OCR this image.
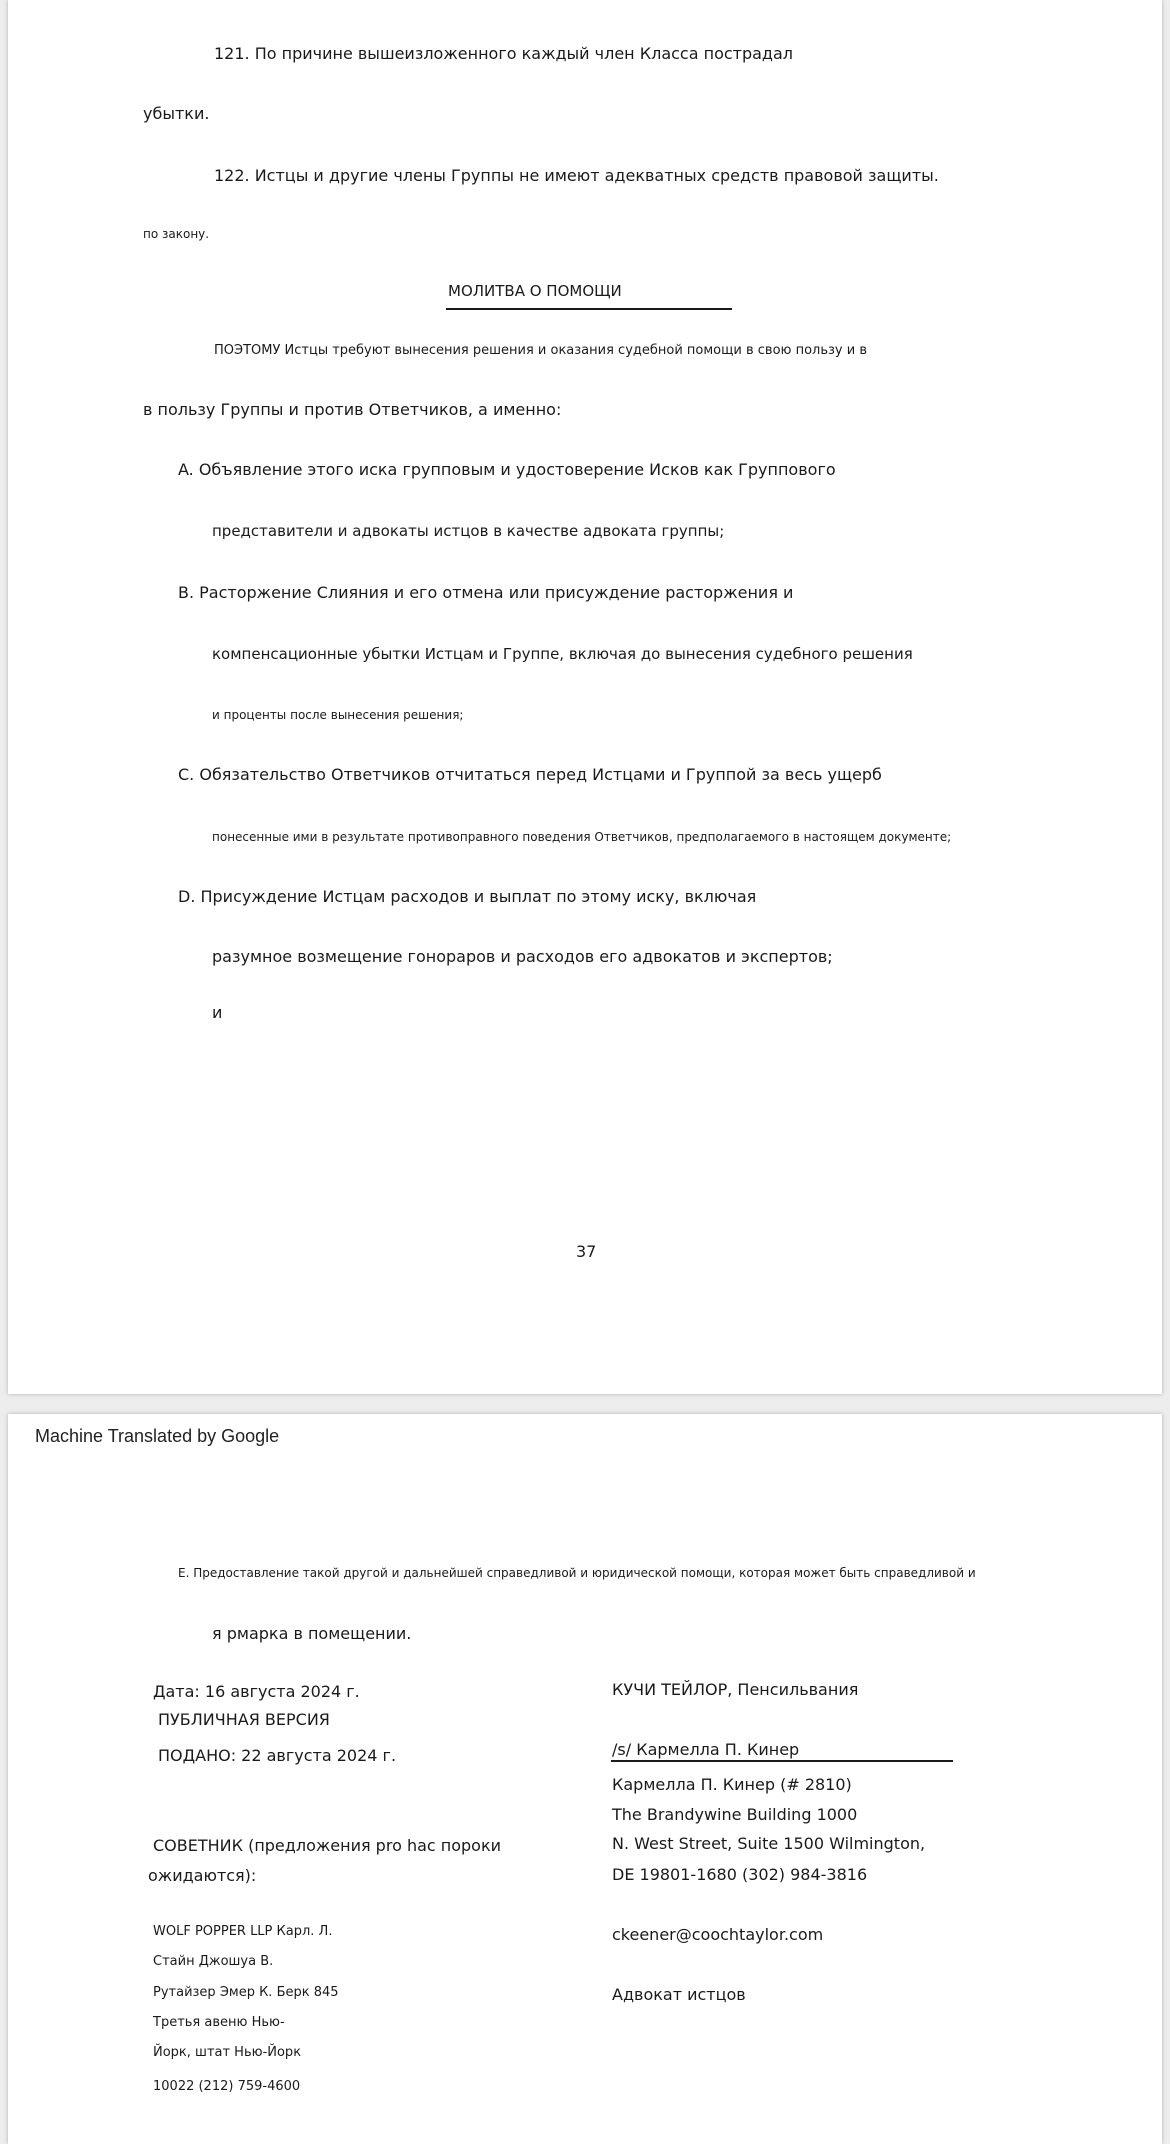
121. По причине вышеизложенного каждый член Класса пострадал

убытки.

122. Истцы и другие члены Группы не имеют адекватных средств правовой защиты.

по закону.

МОЛИТВА О ПОМОЩИ

ПОЭТОМУ Истцы требуют вынесения решения и оказания судебной помощи в свою пользу и в

в пользу Группы и против Ответчиков, а именно:

A. Объявление этого иска групповым и удостоверение Исков как Группового

представители и адвокаты истцов в качестве адвоката группы;

B. Расторжение Слияния и его отмена или присуждение расторжения и

компенсационные убытки Истцам и Группе, включая до вынесения судебного решения

и проценты после вынесения решения;

C. Обязательство Ответчиков отчитаться перед Истцами и Группой за весь ущерб

понесенные ими в результате противоправного поведения Ответчиков, предполагаемого в настоящем документе;

D. Присуждение Истцам расходов и выплат по этому иску, включая

разумное возмещение гонораров и расходов его адвокатов и экспертов;

и

37

Machine Translated by Google

E. Предоставление такой другой и дальнейшей справедливой и юридической помощи, которая может быть справедливой и

я рмарка в помещении.

Дата: 16 августа 2024 г.

ПУБЛИЧНАЯ ВЕРСИЯ

ПОДАНО: 22 августа 2024 г.

СОВЕТНИК (предложения pro hac пороки

ожидаются):

WOLF POPPER LLP Карл. Л.

Стайн Джошуа В.

Рутайзер Эмер К. Берк 845

Третья авеню Нью-

Йорк, штат Нью-Йорк

10022 (212) 759-4600

КУЧИ ТЕЙЛОР, Пенсильвания

/s/ Кармелла П. Кинер

Кармелла П. Кинер (# 2810)

The Brandywine Building 1000

N. West Street, Suite 1500 Wilmington,

DE 19801-1680 (302) 984-3816

ckeener@coochtaylor.com

Адвокат истцов
